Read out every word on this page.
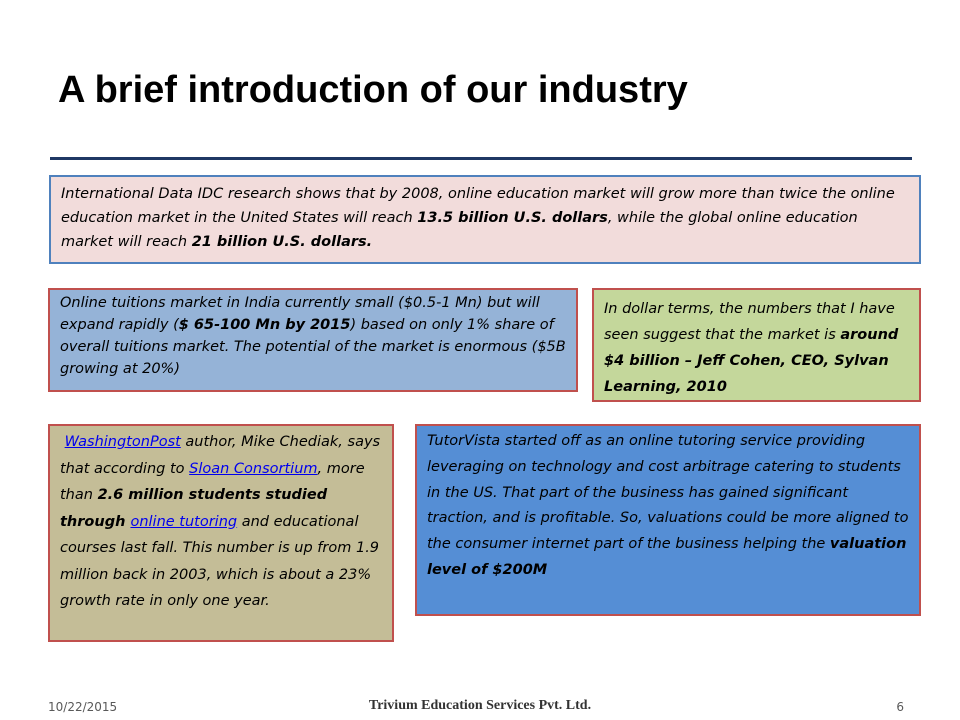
A brief introduction of our industry
International Data IDC research shows that by 2008, online education market will grow more than twice the online education market in the United States will reach 13.5 billion U.S. dollars, while the global online education market will reach 21 billion U.S. dollars.
Online tuitions market in India currently small ($0.5-1 Mn) but will expand rapidly ($ 65-100 Mn by 2015) based on only 1% share of overall tuitions market. The potential of the market is enormous ($5B growing at 20%)
In dollar terms, the numbers that I have seen suggest that the market is around $4 billion – Jeff Cohen, CEO, Sylvan Learning, 2010
WashingtonPost author, Mike Chediak, says that according to Sloan Consortium, more than 2.6 million students studied through online tutoring and educational courses last fall. This number is up from 1.9 million back in 2003, which is about a 23% growth rate in only one year.
TutorVista started off as an online tutoring service providing leveraging on technology and cost arbitrage catering to students in the US. That part of the business has gained significant traction, and is profitable. So, valuations could be more aligned to the consumer internet part of the business helping the valuation level of $200M
10/22/2015	Trivium Education Services Pvt. Ltd.	6
